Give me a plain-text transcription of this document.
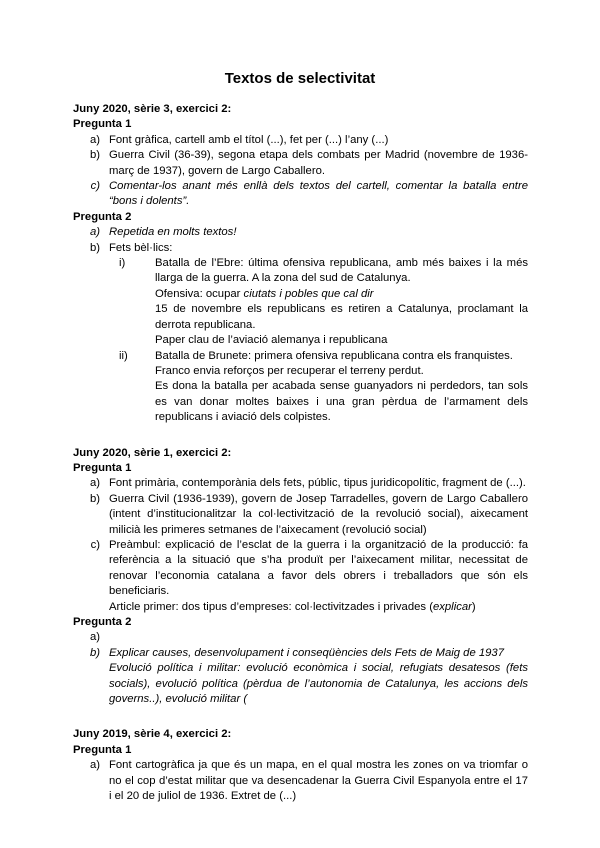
Textos de selectivitat
Juny 2020, sèrie 3, exercici 2:
Pregunta 1
a) Font gràfica, cartell amb el títol (...), fet per (...) l’any (...)
b) Guerra Civil (36-39), segona etapa dels combats per Madrid (novembre de 1936-març de 1937), govern de Largo Caballero.
c) Comentar-los anant més enllà dels textos del cartell, comentar la batalla entre “bons i dolents”.
Pregunta 2
a) Repetida en molts textos!
b) Fets bèl·lics:
i)	Batalla de l’Ebre: última ofensiva republicana, amb més baixes i la més llarga de la guerra. A la zona del sud de Catalunya.
Ofensiva: ocupar ciutats i pobles que cal dir
15 de novembre els republicans es retiren a Catalunya, proclamant la derrota republicana.
Paper clau de l’aviació alemanya i republicana
ii)	Batalla de Brunete: primera ofensiva republicana contra els franquistes.
Franco envia reforços per recuperar el terreny perdut.
Es dona la batalla per acabada sense guanyadors ni perdedors, tan sols es van donar moltes baixes i una gran pèrdua de l’armament dels republicans i aviació dels colpistes.
Juny 2020, sèrie 1, exercici 2:
Pregunta 1
a) Font primària, contemporània dels fets, públic, tipus juridicopolític, fragment de (...).
b) Guerra Civil (1936-1939), govern de Josep Tarradelles, govern de Largo Caballero (intent d’institucionalitzar la col·lectivització de la revolució social), aixecament milicià les primeres setmanes de l’aixecament (revolució social)
c) Preàmbul: explicació de l’esclat de la guerra i la organització de la producció: fa referència a la situació que s’ha produït per l’aixecament militar, necessitat de renovar l’economia catalana a favor dels obrers i treballadors que són els beneficiaris.
Article primer: dos tipus d’empreses: col·lectivitzades i privades (explicar)
Pregunta 2
a)
b) Explicar causes, desenvolupament i conseqüències dels Fets de Maig de 1937
Evolució política i militar: evolució econòmica i social, refugiats desatesos (fets socials), evolució política (pèrdua de l’autonomia de Catalunya, les accions dels governs..), evolució militar (
Juny 2019, sèrie 4, exercici 2:
Pregunta 1
a) Font cartogràfica ja que és un mapa, en el qual mostra les zones on va triomfar o no el cop d’estat militar que va desencadenar la Guerra Civil Espanyola entre el 17 i el 20 de juliol de 1936. Extret de (...)
